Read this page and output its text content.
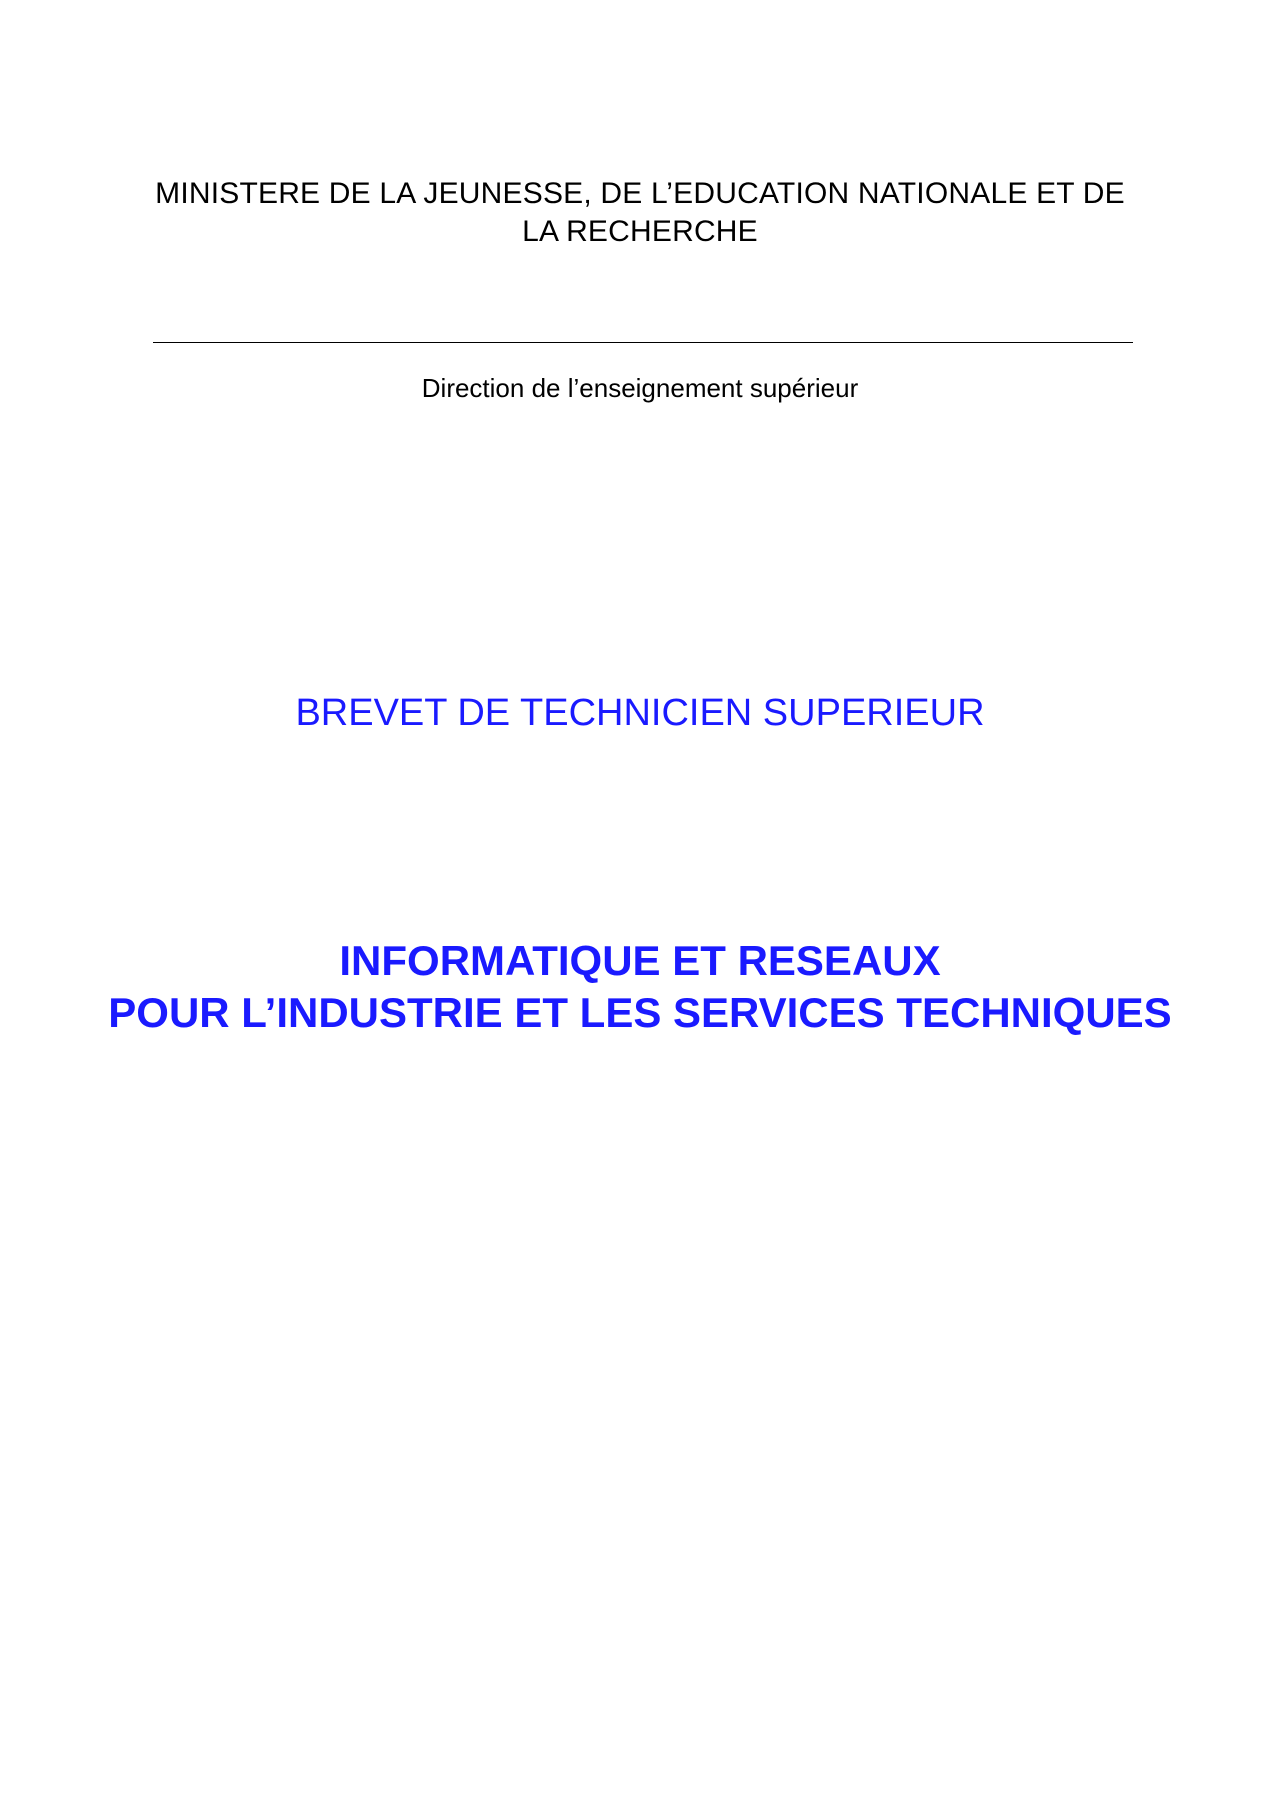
MINISTERE DE LA JEUNESSE, DE L’EDUCATION NATIONALE ET DE
LA RECHERCHE
Direction de l’enseignement supérieur
BREVET DE TECHNICIEN SUPERIEUR
INFORMATIQUE ET RESEAUX
POUR L’INDUSTRIE ET LES SERVICES TECHNIQUES
